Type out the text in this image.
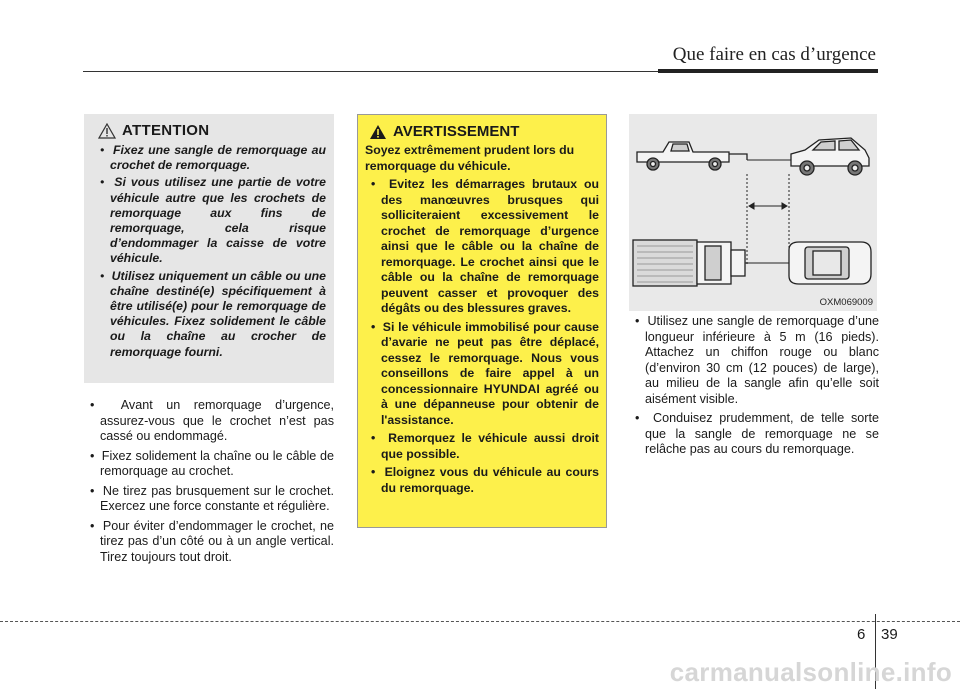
Que faire en cas d’urgence
ATTENTION
• Fixez une sangle de remorquage au crochet de remorquage.
• Si vous utilisez une partie de votre véhicule autre que les crochets de remorquage aux fins de remorquage, cela risque d’endommager la caisse de votre véhicule.
• Utilisez uniquement un câble ou une chaîne destiné(e) spécifiquement à être utilisé(e) pour le remorquage de véhicules. Fixez solidement le câble ou la chaîne au crocher de remorquage fourni.
•  Avant un remorquage d’urgence, assurez-vous que le crochet n’est pas cassé ou endommagé.
•  Fixez solidement la chaîne ou le câble de remorquage au crochet.
•  Ne tirez pas brusquement sur le crochet. Exercez une force constante et régulière.
•  Pour éviter d’endommager le crochet, ne tirez pas d’un côté ou à un angle vertical. Tirez toujours tout droit.
AVERTISSEMENT
Soyez extrêmement prudent lors du remorquage du véhicule.
•  Evitez les démarrages brutaux ou des manœuvres brusques qui solliciteraient excessivement le crochet de remorquage d’urgence ainsi que le câble ou la chaîne de remorquage. Le crochet ainsi que le câble ou la chaîne de remorquage peuvent casser et provoquer des dégâts ou des blessures graves.
•  Si le véhicule immobilisé pour cause d’avarie ne peut pas être déplacé, cessez le remorquage. Nous vous conseillons de faire appel à un concessionnaire HYUNDAI agréé ou à une dépanneuse pour obtenir de l'assistance.
•  Remorquez le véhicule aussi droit que possible.
•  Eloignez vous du véhicule au cours du remorquage.
OXM069009
•  Utilisez une sangle de remorquage d’une longueur inférieure à 5 m (16 pieds). Attachez un chiffon rouge ou blanc (d’environ 30 cm (12 pouces) de large), au milieu de la sangle afin qu’elle soit aisément visible.
•  Conduisez prudemment, de telle sorte que la sangle de remorquage ne se relâche pas au cours du remorquage.
6 39
carmanualsonline.info
